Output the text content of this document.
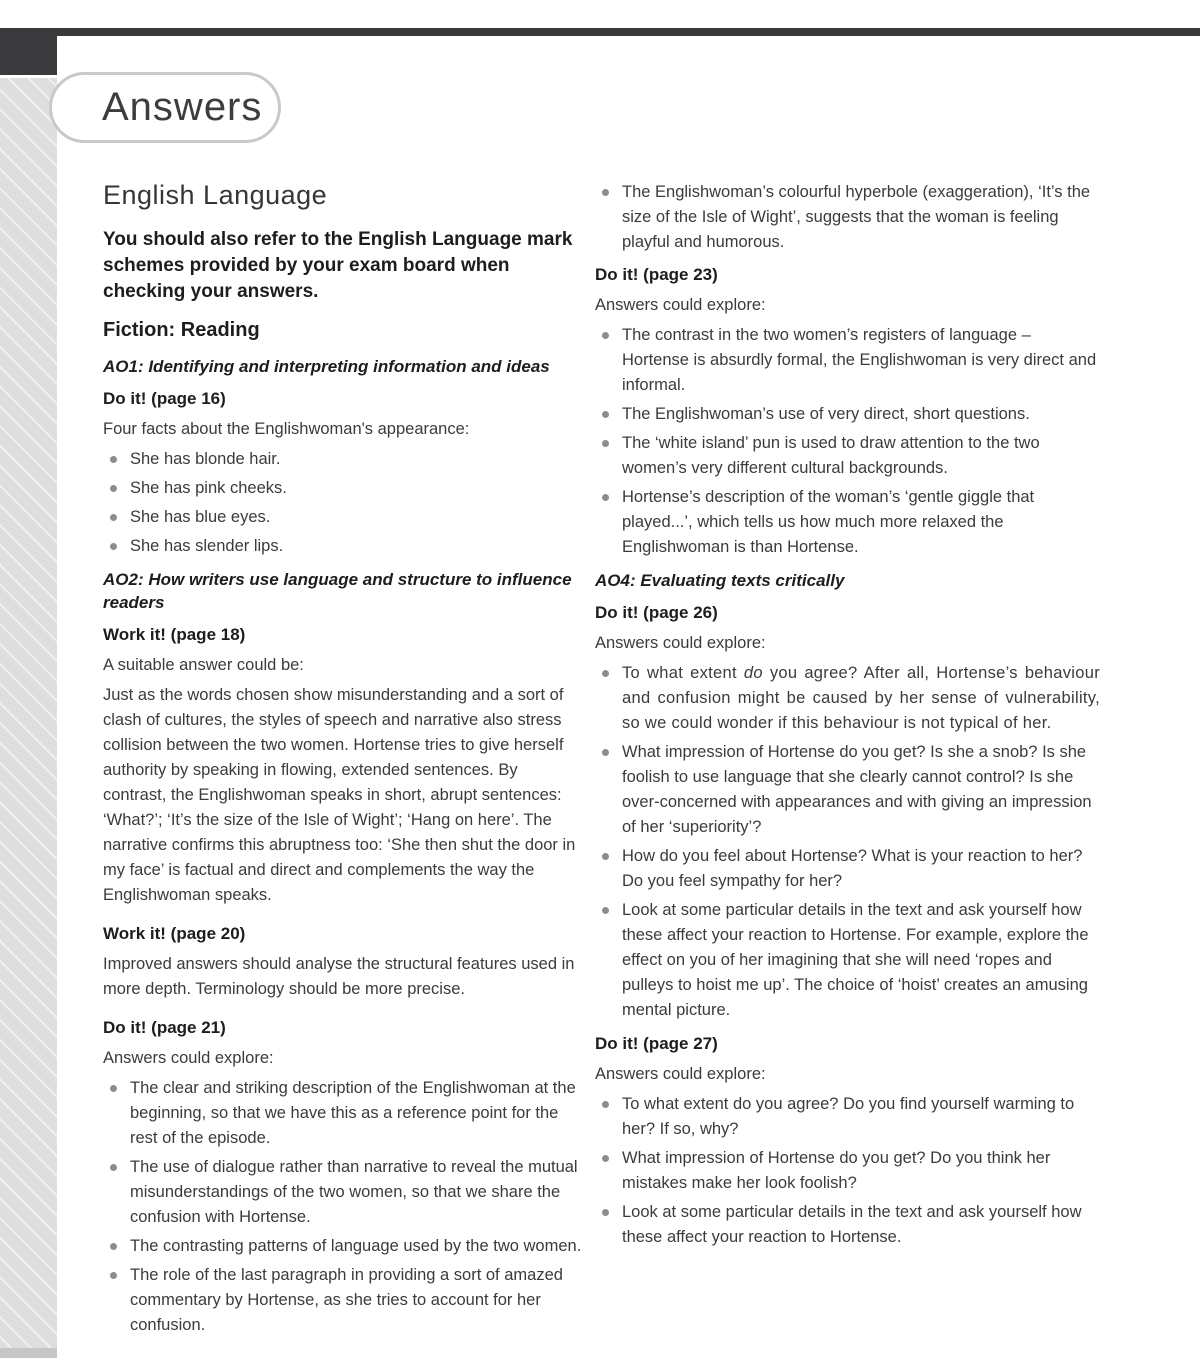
Answers
English Language

You should also refer to the English Language mark schemes provided by your exam board when checking your answers.

Fiction: Reading
AO1: Identifying and interpreting information and ideas
Do it! (page 16)

Four facts about the Englishwoman's appearance:

She has blonde hair.
She has pink cheeks.
She has blue eyes.
She has slender lips.
AO2: How writers use language and structure to influence readers
Work it! (page 18)

A suitable answer could be:

Just as the words chosen show misunderstanding and a sort of clash of cultures, the styles of speech and narrative also stress collision between the two women. Hortense tries to give herself authority by speaking in flowing, extended sentences. By contrast, the Englishwoman speaks in short, abrupt sentences: ‘What?’; ‘It’s the size of the Isle of Wight’; ‘Hang on here’. The narrative confirms this abruptness too: ‘She then shut the door in my face’ is factual and direct and complements the way the Englishwoman speaks.

Work it! (page 20)

Improved answers should analyse the structural features used in more depth. Terminology should be more precise.

Do it! (page 21)

Answers could explore:

The clear and striking description of the Englishwoman at the beginning, so that we have this as a reference point for the rest of the episode.
The use of dialogue rather than narrative to reveal the mutual misunderstandings of the two women, so that we share the confusion with Hortense.
The contrasting patterns of language used by the two women.
The role of the last paragraph in providing a sort of amazed commentary by Hortense, as she tries to account for her confusion.
The Englishwoman’s colourful hyperbole (exaggeration), ‘It’s the size of the Isle of Wight’, suggests that the woman is feeling playful and humorous.
Do it! (page 23)

Answers could explore:

The contrast in the two women’s registers of language – Hortense is absurdly formal, the Englishwoman is very direct and informal.
The Englishwoman’s use of very direct, short questions.
The ‘white island’ pun is used to draw attention to the two women’s very different cultural backgrounds.
Hortense’s description of the woman’s ‘gentle giggle that played...’, which tells us how much more relaxed the Englishwoman is than Hortense.
AO4: Evaluating texts critically
Do it! (page 26)

Answers could explore:

To what extent do you agree? After all, Hortense’s behaviour and confusion might be caused by her sense of vulnerability, so we could wonder if this behaviour is not typical of her.
What impression of Hortense do you get? Is she a snob? Is she foolish to use language that she clearly cannot control? Is she over-concerned with appearances and with giving an impression of her ‘superiority’?
How do you feel about Hortense? What is your reaction to her? Do you feel sympathy for her?
Look at some particular details in the text and ask yourself how these affect your reaction to Hortense. For example, explore the effect on you of her imagining that she will need ‘ropes and pulleys to hoist me up’. The choice of ‘hoist’ creates an amusing mental picture.
Do it! (page 27)

Answers could explore:

To what extent do you agree? Do you find yourself warming to her? If so, why?
What impression of Hortense do you get? Do you think her mistakes make her look foolish?
Look at some particular details in the text and ask yourself how these affect your reaction to Hortense.
